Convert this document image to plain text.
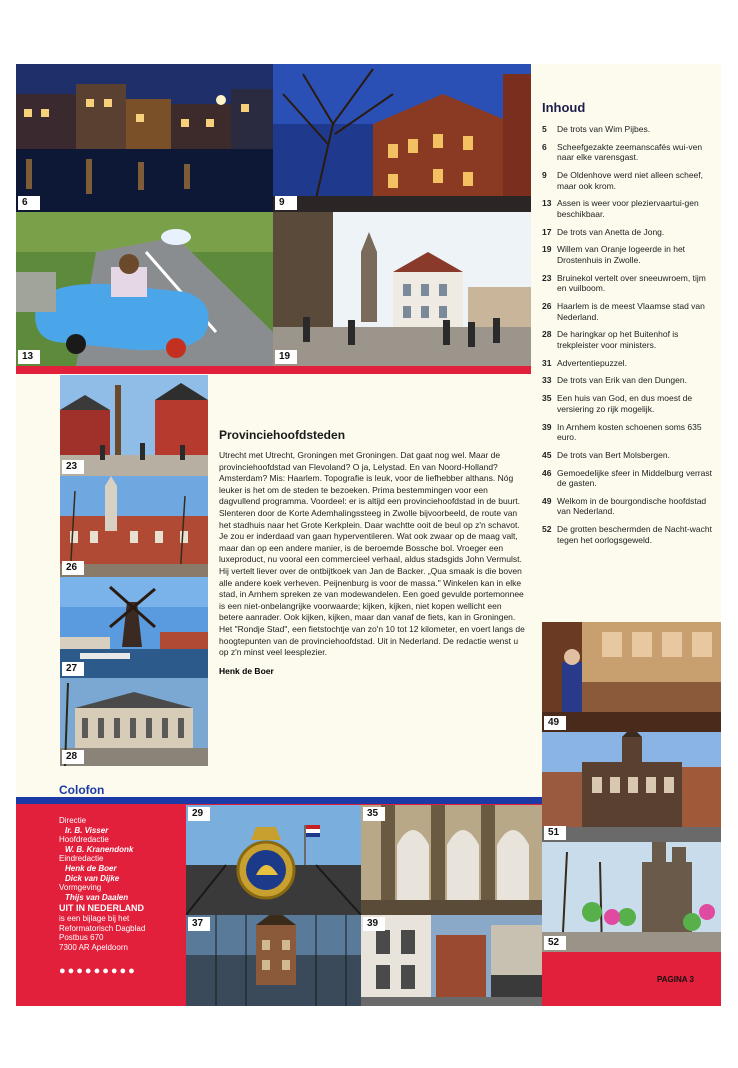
6	9
13	19
23
26
27
28
Provinciehoofdsteden

Utrecht met Utrecht, Groningen met Groningen. Dat gaat nog wel. Maar de provinciehoofdstad van Flevoland? O ja, Lelystad. En van Noord-Holland? Amsterdam? Mis: Haarlem. Topografie is leuk, voor de liefhebber althans. Nóg leuker is het om de steden te bezoeken. Prima bestemmingen voor een dagvullend programma. Voordeel: er is altijd een provinciehoofdstad in de buurt. Slenteren door de Korte Ademhalingssteeg in Zwolle bijvoorbeeld, de route van het stadhuis naar het Grote Kerkplein. Daar wachtte ooit de beul op z'n schavot. Je zou er inderdaad van gaan hyperventileren. Wat ook zwaar op de maag valt, maar dan op een andere manier, is de beroemde Bossche bol. Vroeger een luxeproduct, nu vooral een commercieel verhaal, aldus stadsgids John Vermulst. Hij vertelt liever over de ontbijtkoek van Jan de Backer. „Qua smaak is die boven alle andere koek verheven. Peijnenburg is voor de massa." Winkelen kan in elke stad, in Arnhem spreken ze van modewandelen. Een goed gevulde portemonnee is een niet-onbelangrijke voorwaarde; kijken, kijken, niet kopen wellicht een betere aanrader. Ook kijken, kijken, maar dan vanaf de fiets, kan in Groningen. Het "Rondje Stad", een fietstochtje van zo'n 10 tot 12 kilometer, en voert langs de hoogtepunten van de provinciehoofdstad. Uit in Nederland. De redactie wenst u op z'n minst veel leesplezier.

Henk de Boer
Inhoud
5	De trots van Wim Pijbes.
6	Scheefgezakte zeemanscafés wui-ven naar elke varensgast.
9	De Oldenhove werd niet alleen scheef, maar ook krom.
13 Assen is weer voor pleziervaartui-gen beschikbaar.
17 De trots van Anetta de Jong.
19 Willem van Oranje logeerde in het Drostenhuis in Zwolle.
23 Bruinekol vertelt over sneeuwroem, tijm en vuilboom.
26 Haarlem is de meest Vlaamse stad van Nederland.
28 De haringkar op het Buitenhof is trekpleister voor ministers.
31 Advertentiepuzzel.
33 De trots van Erik van den Dungen.
35 Een huis van God, en dus moest de versiering zo rijk mogelijk.
39 In Arnhem kosten schoenen soms 635 euro.
45 De trots van Bert Molsbergen.
46 Gemoedelijke sfeer in Middelburg verrast de gasten.
49 Welkom in de bourgondische hoofdstad van Nederland.
52 De grotten beschermden de Nacht-wacht tegen het oorlogsgeweld.
49
51
52
Colofon
Directie
Ir. B. Visser
Hoofdredactie
W. B. Kranendonk
Eindredactie
Henk de Boer
Dick van Dijke
Vormgeving
Thijs van Daalen
UIT IN NEDERLAND
is een bijlage bij het
Reformatorisch Dagblad
Postbus 670
7300 AR Apeldoorn
●●●●●●●●●
29	35
37	39
UIT
NEDERLAND	PAGINA 3
